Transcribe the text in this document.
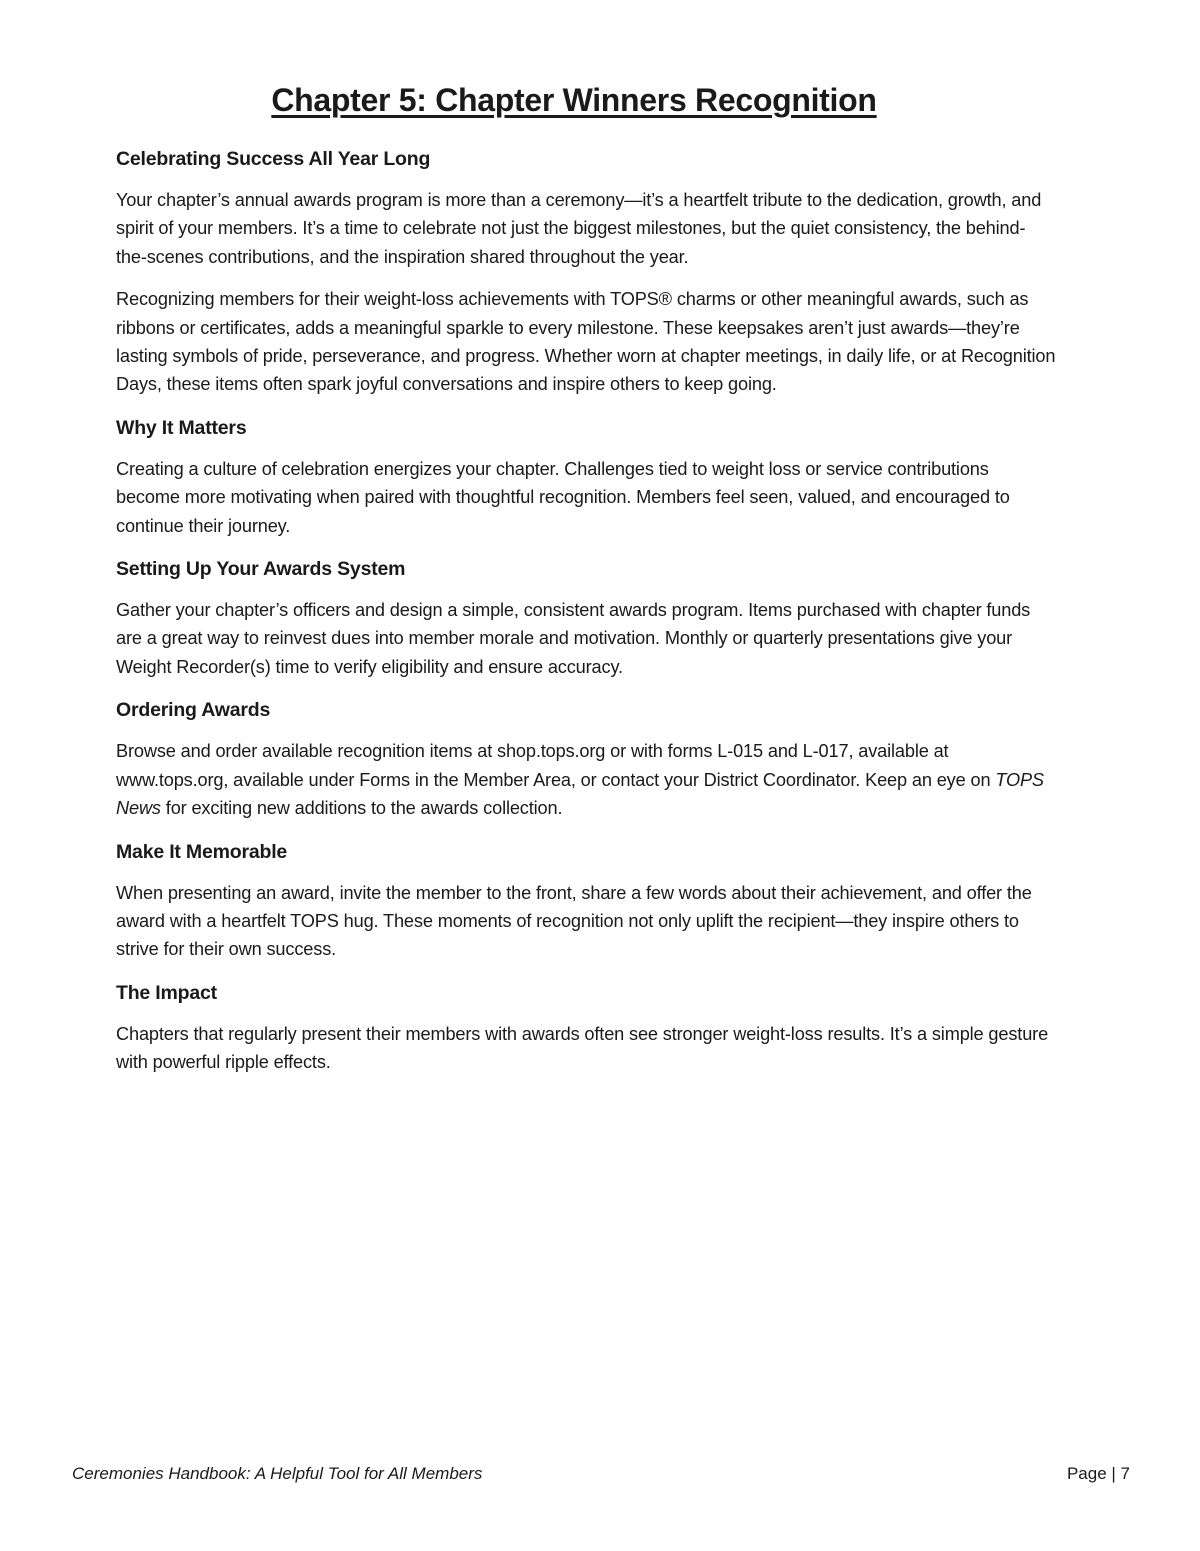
Chapter 5: Chapter Winners Recognition
Celebrating Success All Year Long

Your chapter’s annual awards program is more than a ceremony—it’s a heartfelt tribute to the dedication, growth, and spirit of your members. It’s a time to celebrate not just the biggest milestones, but the quiet consistency, the behind-the-scenes contributions, and the inspiration shared throughout the year.

Recognizing members for their weight-loss achievements with TOPS® charms or other meaningful awards, such as ribbons or certificates, adds a meaningful sparkle to every milestone. These keepsakes aren’t just awards—they’re lasting symbols of pride, perseverance, and progress. Whether worn at chapter meetings, in daily life, or at Recognition Days, these items often spark joyful conversations and inspire others to keep going.

Why It Matters

Creating a culture of celebration energizes your chapter. Challenges tied to weight loss or service contributions become more motivating when paired with thoughtful recognition. Members feel seen, valued, and encouraged to continue their journey.

Setting Up Your Awards System

Gather your chapter’s officers and design a simple, consistent awards program. Items purchased with chapter funds are a great way to reinvest dues into member morale and motivation. Monthly or quarterly presentations give your Weight Recorder(s) time to verify eligibility and ensure accuracy.

Ordering Awards

Browse and order available recognition items at shop.tops.org or with forms L-015 and L-017, available at www.tops.org, available under Forms in the Member Area, or contact your District Coordinator. Keep an eye on TOPS News for exciting new additions to the awards collection.

Make It Memorable

When presenting an award, invite the member to the front, share a few words about their achievement, and offer the award with a heartfelt TOPS hug. These moments of recognition not only uplift the recipient—they inspire others to strive for their own success.

The Impact

Chapters that regularly present their members with awards often see stronger weight-loss results. It’s a simple gesture with powerful ripple effects.

Ceremonies Handbook: A Helpful Tool for All Members	Page | 7
